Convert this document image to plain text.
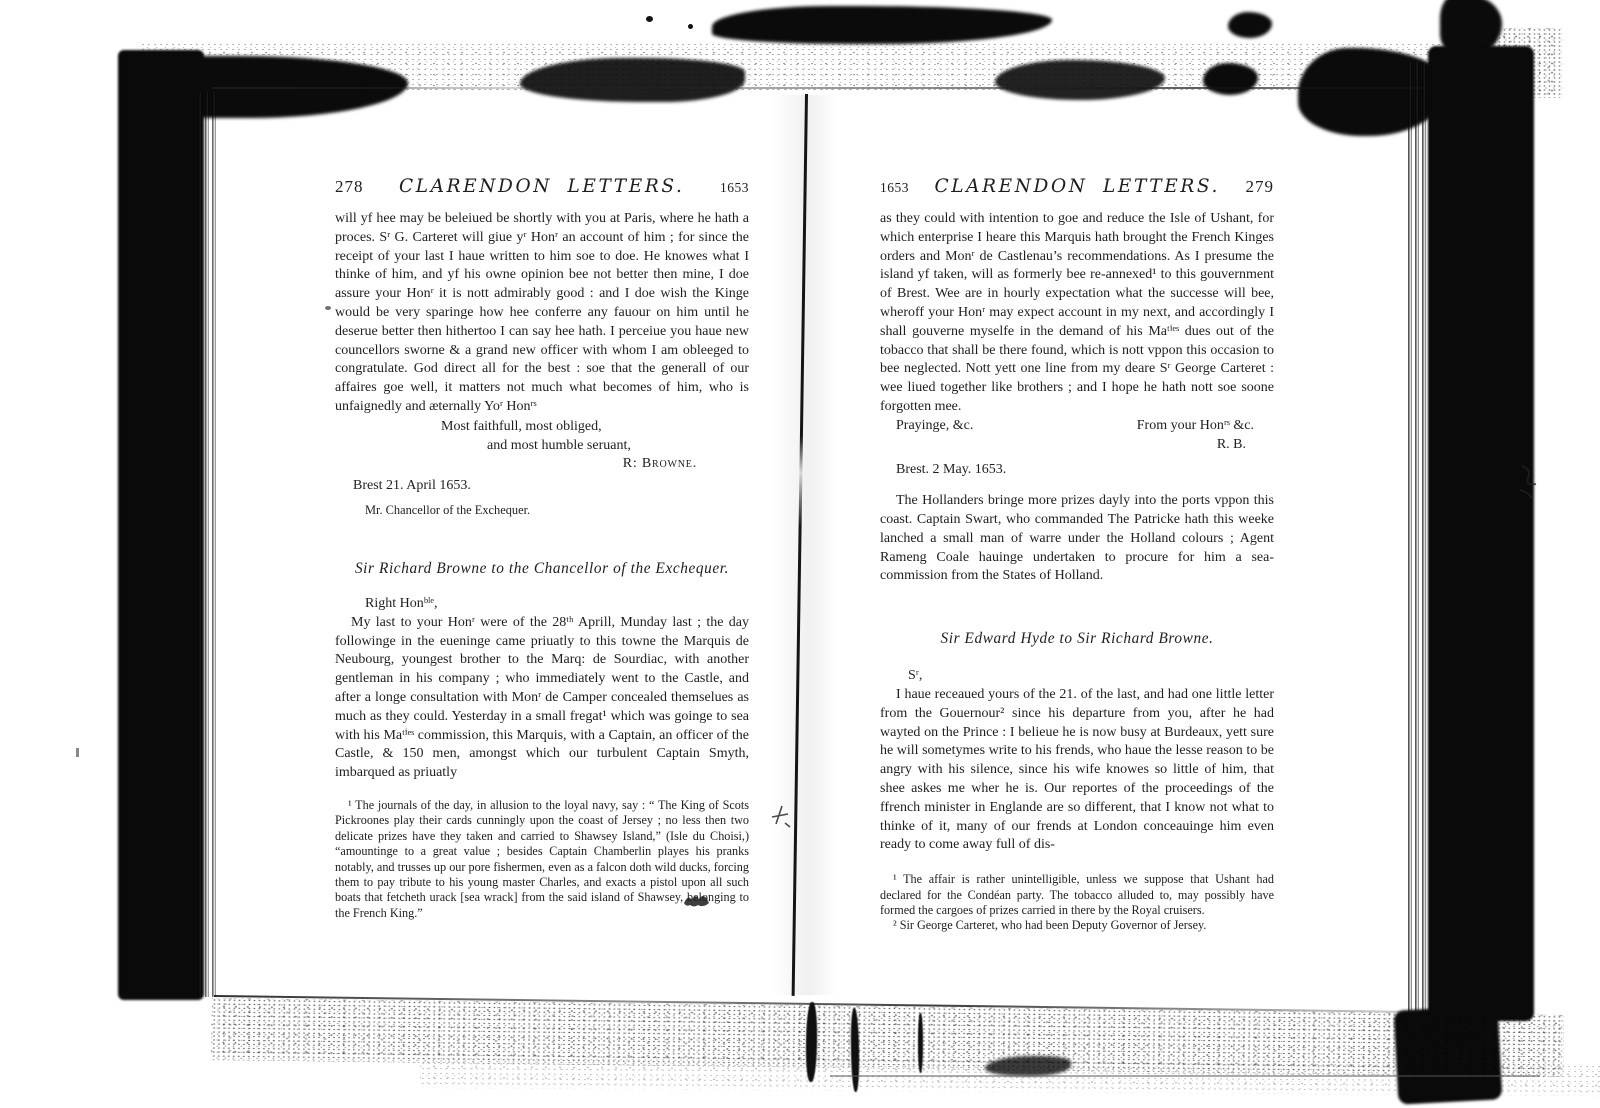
278 CLARENDON LETTERS.	1653

will yf hee may be beleiued be shortly with you at Paris, where he hath a proces. Sʳ G. Carteret will giue yʳ Honʳ an account of him ; for since the receipt of your last I haue written to him soe to doe. He knowes what I thinke of him, and yf his owne opinion bee not better then mine, I doe assure your Honʳ it is nott admirably good : and I doe wish the Kinge would be very sparinge how hee conferre any fauour on him until he deserue better then hithertoo I can say hee hath. I perceiue you haue new councellors sworne & a grand new officer with whom I am obleeged to congratulate. God direct all for the best : soe that the generall of our affaires goe well, it matters not much what becomes of him, who is unfaignedly and æternally Yoʳ Honʳˢ

Most faithfull, most obliged,
and most humble seruant,
R: Browne.
Brest 21. April 1653.
Mr. Chancellor of the Exchequer.
Sir Richard Browne to the Chancellor of the Exchequer.
Right Honᵇˡᵉ,

My last to your Honʳ were of the 28ᵗʰ Aprill, Munday last ; the day followinge in the eueninge came priuatly to this towne the Marquis de Neubourg, youngest brother to the Marq: de Sourdiac, with another gentleman in his company ; who immediately went to the Castle, and after a longe consultation with Monʳ de Camper concealed themselues as much as they could. Yesterday in a small fregat¹ which was goinge to sea with his Maᵗⁱᵉˢ commission, this Marquis, with a Captain, an officer of the Castle, & 150 men, amongst which our turbulent Captain Smyth, imbarqued as priuatly

¹ The journals of the day, in allusion to the loyal navy, say : “ The King of Scots Pickroones play their cards cunningly upon the coast of Jersey ; no less then two delicate prizes have they taken and carried to Shawsey Island,” (Isle du Choisi,) “amountinge to a great value ; besides Captain Chamberlin playes his pranks notably, and trusses up our pore fishermen, even as a falcon doth wild ducks, forcing them to pay tribute to his young master Charles, and exacts a pistol upon all such boats that fetcheth urack [sea wrack] from the said island of Shawsey, belonging to the French King.”

1653 CLARENDON LETTERS. 279

as they could with intention to goe and reduce the Isle of Ushant, for which enterprise I heare this Marquis hath brought the French Kinges orders and Monʳ de Castlenau’s recommendations. As I presume the island yf taken, will as formerly bee re-annexed¹ to this gouvernment of Brest. Wee are in hourly expectation what the successe will bee, wheroff your Honʳ may expect account in my next, and accordingly I shall gouverne myselfe in the demand of his Maᵗⁱᵉˢ dues out of the tobacco that shall be there found, which is nott vppon this occasion to bee neglected. Nott yett one line from my deare Sʳ George Carteret : wee liued together like brothers ; and I hope he hath nott soe soone forgotten mee.

Prayinge, &c.	From your Honʳˢ &c.
R. B.
Brest. 2 May. 1653.

The Hollanders bringe more prizes dayly into the ports vppon this coast. Captain Swart, who commanded The Patricke hath this weeke lanched a small man of warre under the Holland colours ; Agent Rameng Coale hauinge undertaken to procure for him a sea-commission from the States of Holland.

Sir Edward Hyde to Sir Richard Browne.
Sʳ,

I haue receaued yours of the 21. of the last, and had one little letter from the Gouernour² since his departure from you, after he had wayted on the Prince : I belieue he is now busy at Burdeaux, yett sure he will sometymes write to his frends, who haue the lesse reason to be angry with his silence, since his wife knowes so little of him, that shee askes me wher he is. Our reportes of the proceedings of the ffrench minister in Englande are so different, that I know not what to thinke of it, many of our frends at London conceauinge him even ready to come away full of dis-

¹ The affair is rather unintelligible, unless we suppose that Ushant had declared for the Condéan party. The tobacco alluded to, may possibly have formed the cargoes of prizes carried in there by the Royal cruisers.

² Sir George Carteret, who had been Deputy Governor of Jersey.
